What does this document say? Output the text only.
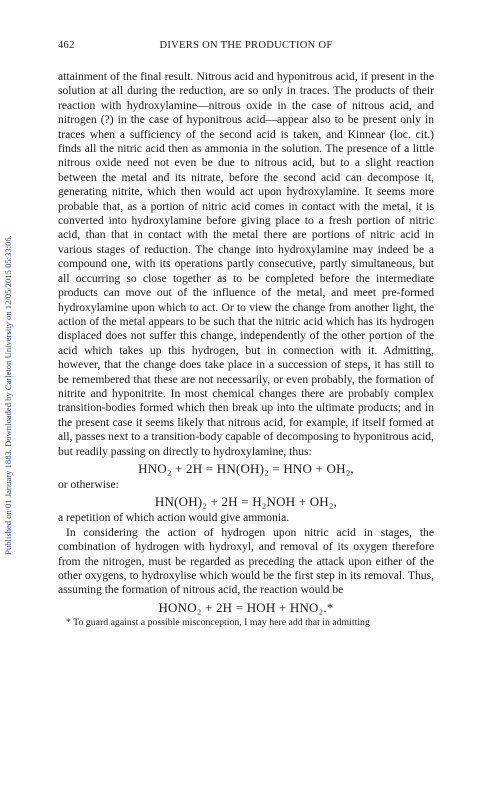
Published on 01 January 1883. Downloaded by Carleton University on 12/05/2015 05:33:06.
462	DIVERS ON THE PRODUCTION OF

attainment of the final result. Nitrous acid and hyponitrous acid, if present in the solution at all during the reduction, are so only in traces. The products of their reaction with hydroxylamine—nitrous oxide in the case of nitrous acid, and nitrogen (?) in the case of hyponitrous acid—appear also to be present only in traces when a sufficiency of the second acid is taken, and Kinnear (loc. cit.) finds all the nitric acid then as ammonia in the solution. The presence of a little nitrous oxide need not even be due to nitrous acid, but to a slight reaction between the metal and its nitrate, before the second acid can decompose it, generating nitrite, which then would act upon hydroxylamine. It seems more probable that, as a portion of nitric acid comes in contact with the metal, it is converted into hydroxylamine before giving place to a fresh portion of nitric acid, than that in contact with the metal there are portions of nitric acid in various stages of reduction. The change into hydroxylamine may indeed be a compound one, with its operations partly consecutive, partly simultaneous, but all occurring so close together as to be completed before the intermediate products can move out of the influence of the metal, and meet pre-formed hydroxylamine upon which to act. Or to view the change from another light, the action of the metal appears to be such that the nitric acid which has its hydrogen displaced does not suffer this change, independently of the other portion of the acid which takes up this hydrogen, but in connection with it. Admitting, however, that the change does take place in a succession of steps, it has still to be remembered that these are not necessarily, or even probably, the formation of nitrite and hyponitrite. In most chemical changes there are probably complex transition-bodies formed which then break up into the ultimate products; and in the present case it seems likely that nitrous acid, for example, if itself formed at all, passes next to a transition-body capable of decomposing to hyponitrous acid, but readily passing on directly to hydroxylamine, thus:

HNO₂ + 2H = HN(OH)₂ = HNO + OH₂,

or otherwise:

HN(OH)₂ + 2H = H₂NOH + OH₂,

a repetition of which action would give ammonia.

In considering the action of hydrogen upon nitric acid in stages, the combination of hydrogen with hydroxyl, and removal of its oxygen therefore from the nitrogen, must be regarded as preceding the attack upon either of the other oxygens, to hydroxylise which would be the first step in its removal. Thus, assuming the formation of nitrous acid, the reaction would be

HONO₂ + 2H = HOH + HNO₂.*

* To guard against a possible misconception, I may here add that in admitting
